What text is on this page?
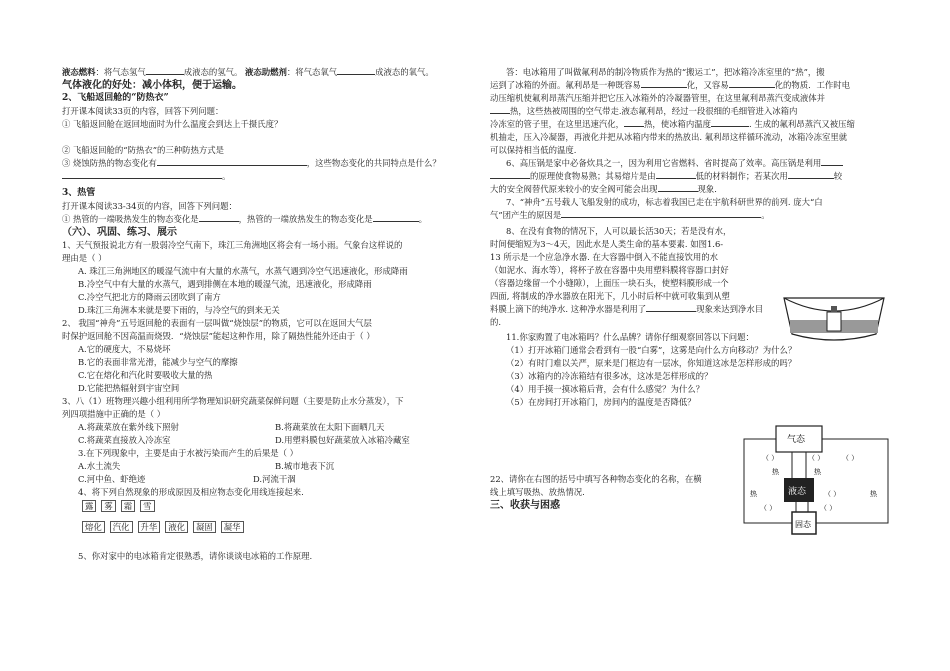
液态燃料：将气态氢气	成液态的氢气。 液态助燃剂：将气态氧气	成液态的氧气。
气体液化的好处：减小体积，便于运输。
2、飞船返回舱的“防热衣”
打开课本阅读33页的内容，回答下列问题：
① 飞船返回舱在返回地面时为什么温度会到达上千摄氏度？
② 飞船返回舱的“防热衣”的三种防热方式是
③ 烧蚀防热的物态变化有	，这些物态变化的共同特点是什么？
。
3、热管
打开课本阅读33-34页的内容，回答下列问题：
① 热管的一端吸热发生的物态变化是	，热管的一端放热发生的物态变化是	。
（六）、巩固、练习、展示
1、天气预报说北方有一股弱冷空气南下，珠江三角洲地区将会有一场小雨。气象台这样说的
理由是（ ）
A. 珠江三角洲地区的暖湿气流中有大量的水蒸气，水蒸气遇到冷空气迅速液化，形成降雨
B.冷空气中有大量的水蒸气，遇到排侧在本地的暖湿气流，迅速液化，形成降雨
C.冷空气把北方的降雨云团吹到了南方
D.珠江三角洲本来就是要下雨的，与冷空气的到来无关
2、 我国“神舟”五号返回舱的表面有一层叫做“烧蚀层”的物质，它可以在返回大气层
时保护返回舱不因高温而烧毁．“烧蚀层”能起这种作用，除了隔热性能外还由于（ ）
A.它的硬度大，不易烧坏
B.它的表面非常光滑，能减少与空气的摩擦
C.它在熔化和汽化时要吸收大量的热
D.它能把热辐射到宇宙空间
3、八（1）班物理兴趣小组利用所学物理知识研究蔬菜保鲜问题（主要是防止水分蒸发），下
列四项措施中正确的是（ ）
A.将蔬菜放在紫外线下照射	B.将蔬菜放在太阳下面晒几天
C.将蔬菜直接放入冷冻室	D.用塑料膜包好蔬菜放入冰箱冷藏室
3.在下列现象中，主要是由于水被污染而产生的后果是（ ）
A.水土流失	B.城市地表下沉
C.河中鱼、虾绝迹	D.河流干涸
4、将下列自然现象的形成原因及相应物态变化用线连接起来.
露 雾 霜 雪
熔化 汽化 升华 液化 凝固 凝华
5、你对家中的电冰箱肯定很熟悉，请你谈谈电冰箱的工作原理.
答：电冰箱用了叫做氟利昂的制冷物质作为热的“搬运工”，把冰箱冷冻室里的“热”，搬
运到了冰箱的外面。氟利昂是一种既容易	化，又容易	化的物质．工作时电
动压缩机使氟利昂蒸汽压缩并把它压入冰箱外的冷凝器管里，在这里氟利昂蒸汽变成液体并
热，这些热被周围的空气带走.液态氟利昂，经过一段很细的毛细管进入冰箱内
冷冻室的管子里，在这里迅速汽化， 热，使冰箱内温度	. 生成的氟利昂蒸汽又被压缩
机抽走，压入冷凝器，再液化并把从冰箱内带来的热放出. 氟利昂这样循环流动，冰箱冷冻室里就
可以保持相当低的温度.
6、高压锅是家中必备炊具之一，因为利用它省燃料、省时提高了效率。高压锅是利用
的原理使食物易熟；其易熔片是由	低的材料制作；若某次用	较
大的安全阀替代原来较小的安全阀可能会出现	现象．
7、“神舟”五号载人飞船发射的成功，标志着我国已走在宇航科研世界的前列. 庞大“白
气”团产生的原因是	。
8、在没有食物的情况下，人可以最长活30天；若是没有水，
时间便缩短为3～4天，因此水是人类生命的基本要素. 如图1.6-
13 所示是一个应急净水器. 在大容器中倒入不能直接饮用的水
（如泥水、海水等），将杯子放在容器中央用塑料膜将容器口封好
（容器边缘留一个小缝隙），上面压一块石头，使塑料膜形成一个
四面, 将制成的净水器放在阳光下，几小时后杯中就可收集到从塑
料膜上滴下的纯净水. 这种净水器是利用了	现象来达到净水目
的.
11.你家购置了电冰箱吗？什么品牌？请你仔细观察回答以下问题：
（1）打开冰箱门通常会看到有一股“白雾”，这雾是向什么方向移动？为什么？
（2）有时门难以关严，原来是门框边有一层冰，你知道这冰是怎样形成的吗？
（3）冰箱内的冷冻箱结有很多冰，这冰是怎样形成的？
（4）用手摸一摸冰箱后背，会有什么感觉？为什么？
（5）在房间打开冰箱门，房间内的温度是否降低？
22、请你在右图的括号中填写各种物态变化的名称，在横
线上填写吸热、放热情况.
三、收获与困惑
气态
液态
固态
（ ）
热
（ ）
热
（ ）
热	热
（ ）
（ ）	（ ）
